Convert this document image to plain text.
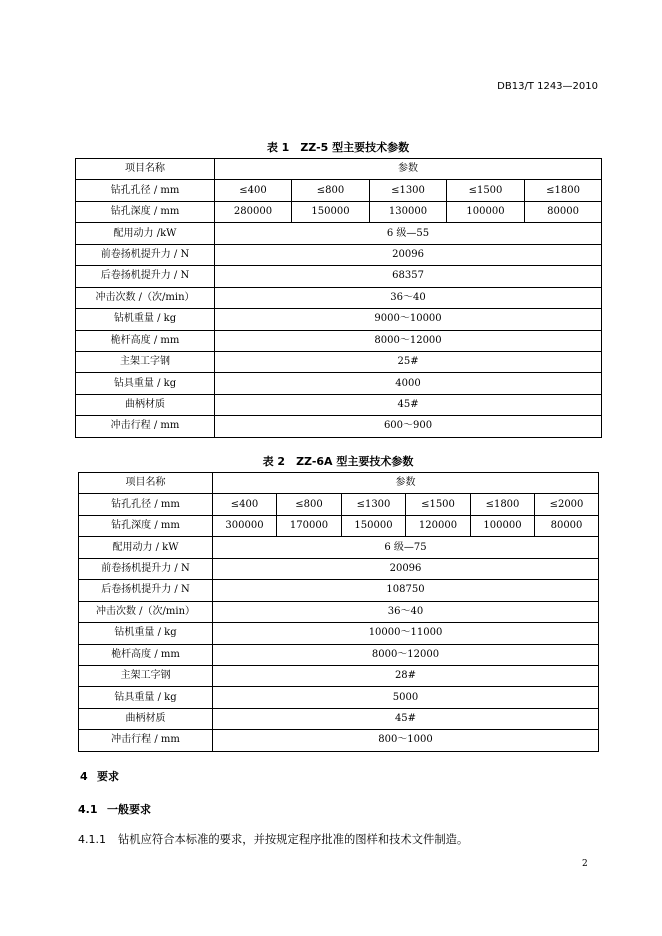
DB13/T 1243—2010
表 1　ZZ-5 型主要技术参数
项目名称	参数				
钻孔孔径 / mm	≤400	≤800	≤1300	≤1500	≤1800
钻孔深度 / mm	280000	150000	130000	100000	80000
配用动力 /kW	6 级—55				
前卷扬机提升力 / N	20096				
后卷扬机提升力 / N	68357				
冲击次数 /（次/min）	36～40				
钻机重量 / kg	9000～10000				
桅杆高度 / mm	8000～12000				
主架工字钢	25#				
钻具重量 / kg	4000				
曲柄材质	45#				
冲击行程 / mm	600～900				
表 2　ZZ-6A 型主要技术参数
项目名称	参数					
钻孔孔径 / mm	≤400	≤800	≤1300	≤1500	≤1800	≤2000
钻孔深度 / mm	300000	170000	150000	120000	100000	80000
配用动力 / kW	6 级—75					
前卷扬机提升力 / N	20096					
后卷扬机提升力 / N	108750					
冲击次数 /（次/min）	36～40					
钻机重量 / kg	10000～11000					
桅杆高度 / mm	8000～12000					
主架工字钢	28#					
钻具重量 / kg	5000					
曲柄材质	45#					
冲击行程 / mm	800～1000					
4 要求
4.1 一般要求
4.1.1 钻机应符合本标准的要求，并按规定程序批准的图样和技术文件制造。
2
